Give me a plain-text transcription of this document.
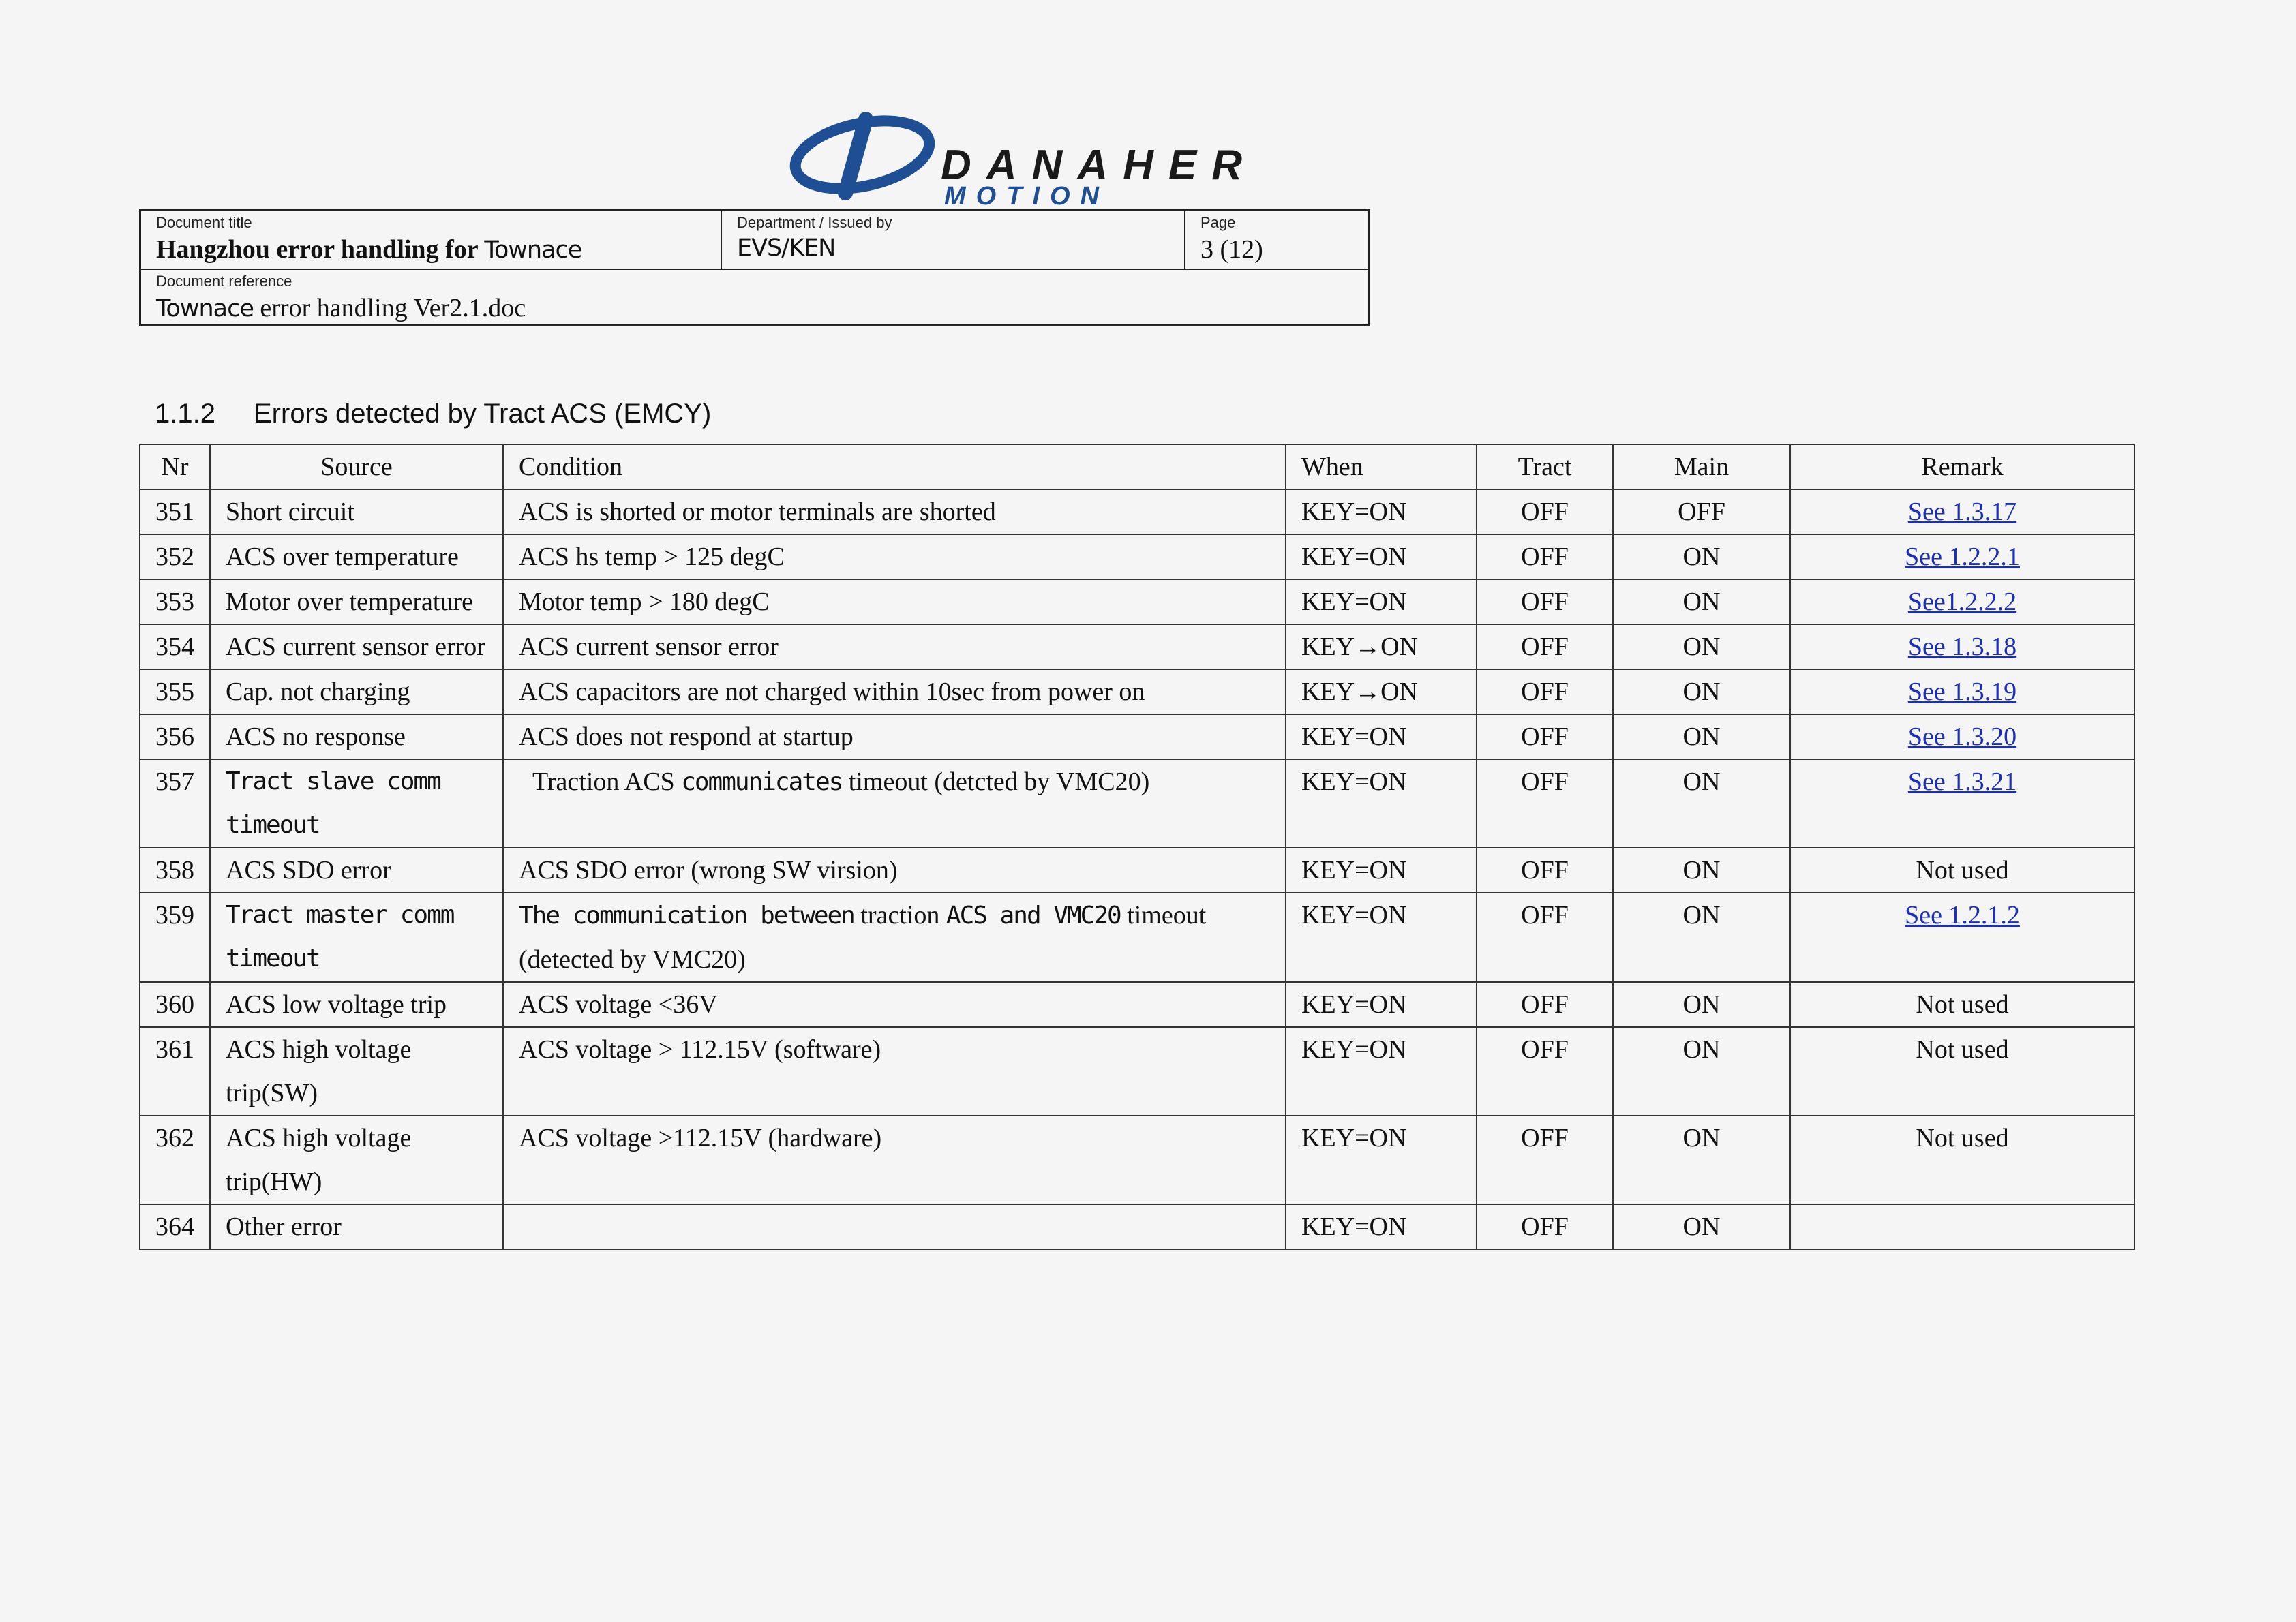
DANAHER
MOTION
Document title
Hangzhou error handling for Townace
Department / Issued by
EVS/KEN
Page
3 (12)
Document reference
Townace error handling Ver2.1.doc
1.1.2 Errors detected by Tract ACS (EMCY)
Nr	Source	Condition	When	Tract	Main	Remark
351	Short circuit	ACS is shorted or motor terminals are shorted	KEY=ON	OFF	OFF	See 1.3.17
352	ACS over temperature	ACS hs temp > 125 degC	KEY=ON	OFF	ON	See 1.2.2.1
353	Motor over temperature	Motor temp > 180 degC	KEY=ON	OFF	ON	See1.2.2.2
354	ACS current sensor error	ACS current sensor error	KEY→ON	OFF	ON	See 1.3.18
355	Cap. not charging	ACS capacitors are not charged within 10sec from power on	KEY→ON	OFF	ON	See 1.3.19
356	ACS no response	ACS does not respond at startup	KEY=ON	OFF	ON	See 1.3.20
357	Tract slave comm timeout	Traction ACS communicates timeout (detcted by VMC20)	KEY=ON	OFF	ON	See 1.3.21
358	ACS SDO error	ACS SDO error (wrong SW virsion)	KEY=ON	OFF	ON	Not used
359	Tract master comm timeout	The communication between traction ACS and VMC20 timeout (detected by VMC20)	KEY=ON	OFF	ON	See 1.2.1.2
360	ACS low voltage trip	ACS voltage <36V	KEY=ON	OFF	ON	Not used
361	ACS high voltage trip(SW)	ACS voltage > 112.15V (software)	KEY=ON	OFF	ON	Not used
362	ACS high voltage trip(HW)	ACS voltage >112.15V (hardware)	KEY=ON	OFF	ON	Not used
364	Other error		KEY=ON	OFF	ON	
